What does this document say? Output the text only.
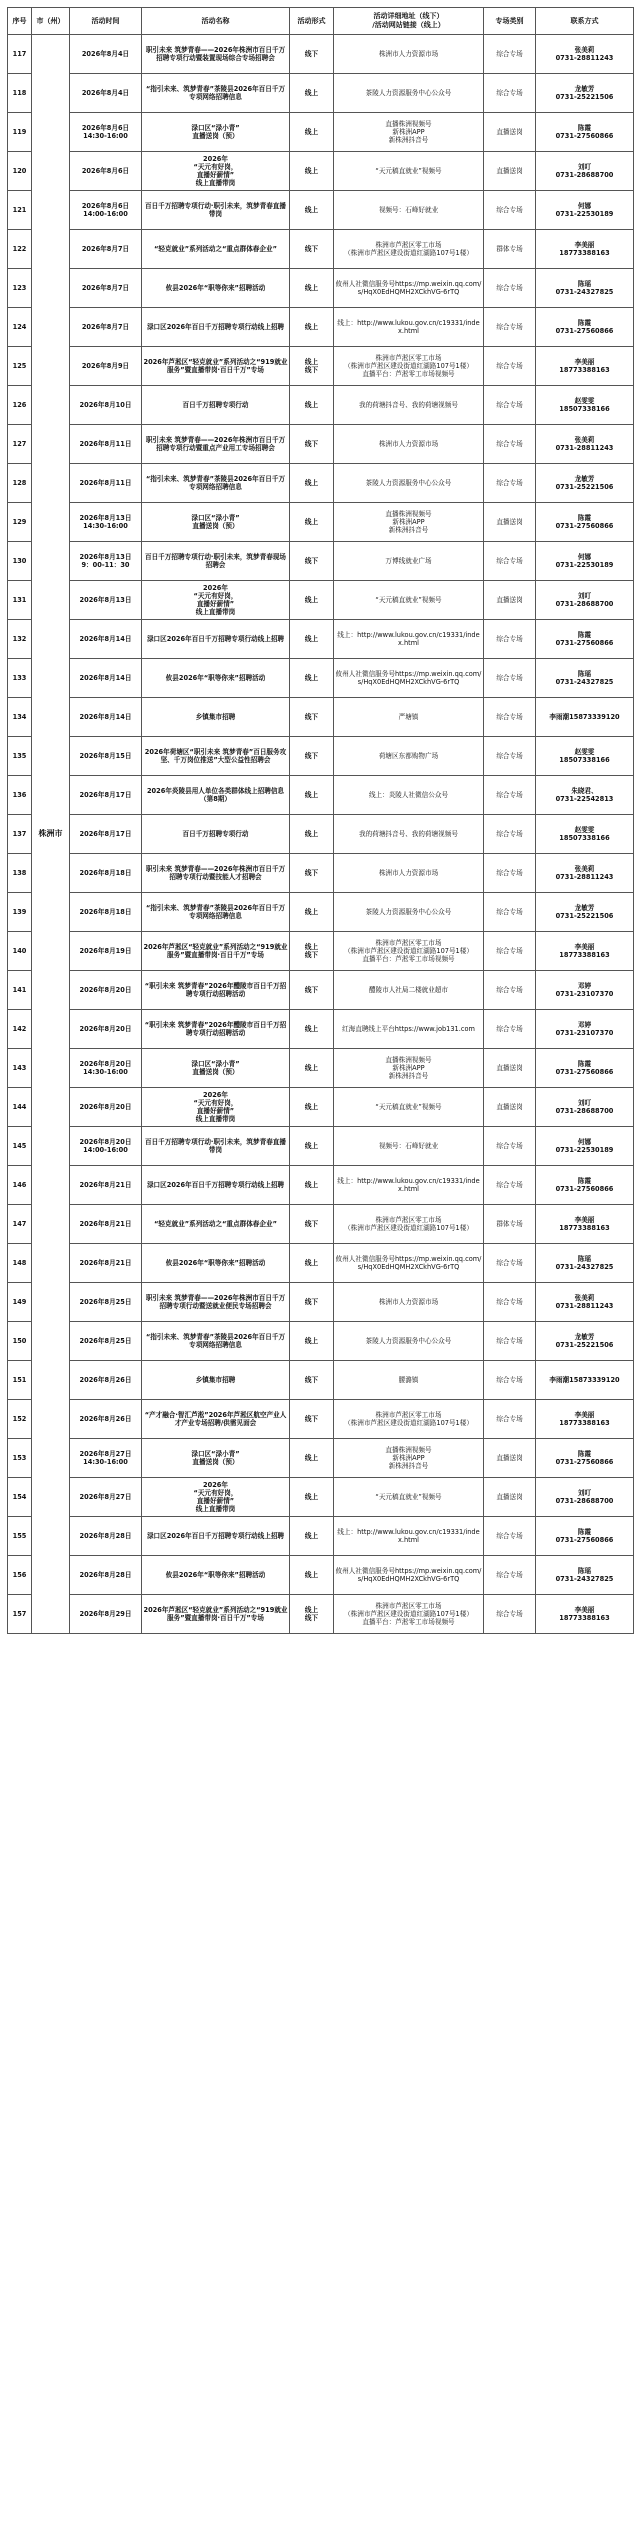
序号	市（州）	活动时间	活动名称	活动形式	活动详细地址（线下）
/活动网站链接（线上）	专场类别	联系方式
117	株洲市	2026年8月4日	职引未来 筑梦青春——2026年株洲市百日千万招聘专项行动暨装置现场综合专场招聘会	线下	株洲市人力资源市场	综合专场	张美莉
0731-28811243
118		2026年8月4日	“指引未来、筑梦青春”茶陵县2026年百日千万专项网络招聘信息	线上	茶陵人力资源服务中心公众号	综合专场	龙敏芳
0731-25221506
119		2026年8月6日
14:30-16:00	渌口区“渌小青”
直播送岗（预）	线上	直播株洲视频号
新株洲APP
新株洲抖音号	直播送岗	陈霞
0731-27560866
120		2026年8月6日	2026年
“天元有好岗，
直播好薪情”
线上直播带岗	线上	“天元稿直就业”视频号	直播送岗	刘叮
0731-28688700
121		2026年8月6日
14:00-16:00	百日千万招聘专项行动·职引未来，筑梦青春直播带岗	线上	视频号：石峰好就业	综合专场	何娜
0731-22530189
122		2026年8月7日	“轻克就业”系列活动之“重点群体春企业”	线下	株洲市芦淞区零工市场
（株洲市芦淞区建设街道红湖路107号1楼）	群体专场	李美丽
18773388163
123		2026年8月7日	攸县2026年“职等你来”招聘活动	线上	攸州人社微信服务号https://mp.weixin.qq.com/s/HqX0EdHQMH2XCkhVG-6rTQ	综合专场	陈瑶
0731-24327825
124		2026年8月7日	渌口区2026年百日千万招聘专项行动线上招聘	线上	线上：http://www.lukou.gov.cn/c19331/index.html	综合专场	陈霞
0731-27560866
125		2026年8月9日	2026年芦淞区“轻克就业”系列活动之“919就业服务”暨直播带岗·百日千万”专场	线上
线下	株洲市芦淞区零工市场
（株洲市芦淞区建设街道红湖路107号1楼）
直播平台：芦淞零工市场视频号	综合专场	李美丽
18773388163
126		2026年8月10日	百日千万招聘专项行动	线上	我的荷塘抖音号、我的荷塘视频号	综合专场	赵雯雯
18507338166
127		2026年8月11日	职引未来 筑梦青春——2026年株洲市百日千万招聘专项行动暨重点产业用工专场招聘会	线下	株洲市人力资源市场	综合专场	张美莉
0731-28811243
128		2026年8月11日	“指引未来、筑梦青春”茶陵县2026年百日千万专项网络招聘信息	线上	茶陵人力资源服务中心公众号	综合专场	龙敏芳
0731-25221506
129		2026年8月13日
14:30-16:00	渌口区“渌小青”
直播送岗（预）	线上	直播株洲视频号
新株洲APP
新株洲抖音号	直播送岗	陈霞
0731-27560866
130		2026年8月13日
9：00-11：30	百日千万招聘专项行动·职引未来，筑梦青春现场招聘会	线下	万博线就业广场	综合专场	何娜
0731-22530189
131		2026年8月13日	2026年
“天元有好岗，
直播好薪情”
线上直播带岗	线上	“天元稿直就业”视频号	直播送岗	刘叮
0731-28688700
132		2026年8月14日	渌口区2026年百日千万招聘专项行动线上招聘	线上	线上：http://www.lukou.gov.cn/c19331/index.html	综合专场	陈霞
0731-27560866
133		2026年8月14日	攸县2026年“职等你来”招聘活动	线上	攸州人社微信服务号https://mp.weixin.qq.com/s/HqX0EdHQMH2XCkhVG-6rTQ	综合专场	陈瑶
0731-24327825
134		2026年8月14日	乡镇集市招聘	线下	严塘镇	综合专场	李雨潮15873339120
135		2026年8月15日	2026年荷塘区“职引未来 筑梦青春”百日服务攻坚、千万岗位推送”大型公益性招聘会	线下	荷塘区东都购物广场	综合专场	赵雯雯
18507338166
136		2026年8月17日	2026年炎陵县用人单位各类群体线上招聘信息（第8期）	线上	线上：炎陵人社微信公众号	综合专场	朱晓君、
0731-22542813
137		2026年8月17日	百日千万招聘专项行动	线上	我的荷塘抖音号、我的荷塘视频号	综合专场	赵雯雯
18507338166
138		2026年8月18日	职引未来 筑梦青春——2026年株洲市百日千万招聘专项行动暨技能人才招聘会	线下	株洲市人力资源市场	综合专场	张美莉
0731-28811243
139		2026年8月18日	“指引未来、筑梦青春”茶陵县2026年百日千万专项网络招聘信息	线上	茶陵人力资源服务中心公众号	综合专场	龙敏芳
0731-25221506
140		2026年8月19日	2026年芦淞区“轻克就业”系列活动之“919就业服务”暨直播带岗·百日千万”专场	线上
线下	株洲市芦淞区零工市场
（株洲市芦淞区建设街道红湖路107号1楼）
直播平台：芦淞零工市场视频号	综合专场	李美丽
18773388163
141		2026年8月20日	“职引未来 筑梦青春”2026年醴陵市百日千万招聘专项行动招聘活动	线下	醴陵市人社局二楼就业超市	综合专场	邓婷
0731-23107370
142		2026年8月20日	“职引未来 筑梦青春”2026年醴陵市百日千万招聘专项行动招聘活动	线上	红海直聘线上平台https://www.job131.com	综合专场	邓婷
0731-23107370
143		2026年8月20日
14:30-16:00	渌口区“渌小青”
直播送岗（预）	线上	直播株洲视频号
新株洲APP
新株洲抖音号	直播送岗	陈霞
0731-27560866
144		2026年8月20日	2026年
“天元有好岗，
直播好薪情”
线上直播带岗	线上	“天元稿直就业”视频号	直播送岗	刘叮
0731-28688700
145		2026年8月20日
14:00-16:00	百日千万招聘专项行动·职引未来，筑梦青春直播带岗	线上	视频号：石峰好就业	综合专场	何娜
0731-22530189
146		2026年8月21日	渌口区2026年百日千万招聘专项行动线上招聘	线上	线上：http://www.lukou.gov.cn/c19331/index.html	综合专场	陈霞
0731-27560866
147		2026年8月21日	“轻克就业”系列活动之“重点群体春企业”	线下	株洲市芦淞区零工市场
（株洲市芦淞区建设街道红湖路107号1楼）	群体专场	李美丽
18773388163
148		2026年8月21日	攸县2026年“职等你来”招聘活动	线上	攸州人社微信服务号https://mp.weixin.qq.com/s/HqX0EdHQMH2XCkhVG-6rTQ	综合专场	陈瑶
0731-24327825
149		2026年8月25日	职引未来 筑梦青春——2026年株洲市百日千万招聘专项行动暨送就业便民专场招聘会	线下	株洲市人力资源市场	综合专场	张美莉
0731-28811243
150		2026年8月25日	“指引未来、筑梦青春”茶陵县2026年百日千万专项网络招聘信息	线上	茶陵人力资源服务中心公众号	综合专场	龙敏芳
0731-25221506
151		2026年8月26日	乡镇集市招聘	线下	腰潞镇	综合专场	李雨潮15873339120
152		2026年8月26日	“产才融合·智汇芦淞”2026年芦淞区航空产业人才产业专场招聘/供需见面会	线下	株洲市芦淞区零工市场
（株洲市芦淞区建设街道红湖路107号1楼）	综合专场	李美丽
18773388163
153		2026年8月27日
14:30-16:00	渌口区“渌小青”
直播送岗（预）	线上	直播株洲视频号
新株洲APP
新株洲抖音号	直播送岗	陈霞
0731-27560866
154		2026年8月27日	2026年
“天元有好岗，
直播好薪情”
线上直播带岗	线上	“天元稿直就业”视频号	直播送岗	刘叮
0731-28688700
155		2026年8月28日	渌口区2026年百日千万招聘专项行动线上招聘	线上	线上：http://www.lukou.gov.cn/c19331/index.html	综合专场	陈霞
0731-27560866
156		2026年8月28日	攸县2026年“职等你来”招聘活动	线上	攸州人社微信服务号https://mp.weixin.qq.com/s/HqX0EdHQMH2XCkhVG-6rTQ	综合专场	陈瑶
0731-24327825
157		2026年8月29日	2026年芦淞区“轻克就业”系列活动之“919就业服务”暨直播带岗·百日千万”专场	线上
线下	株洲市芦淞区零工市场
（株洲市芦淞区建设街道红湖路107号1楼）
直播平台：芦淞零工市场视频号	综合专场	李美丽
18773388163
